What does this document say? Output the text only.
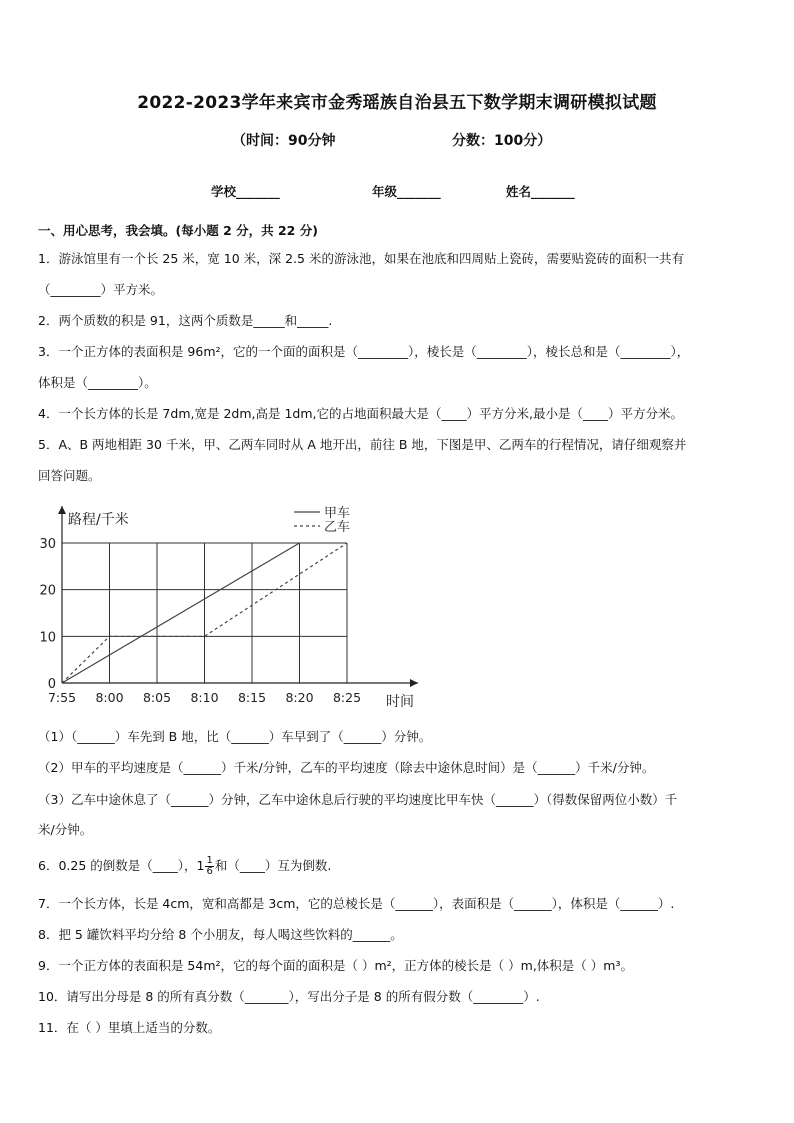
2022-2023学年来宾市金秀瑶族自治县五下数学期末调研模拟试题
（时间：90分钟	分数：100分）
学校_______	年级_______	姓名_______
一、用心思考，我会填。(每小题 2 分，共 22 分)
1．游泳馆里有一个长 25 米，宽 10 米，深 2.5 米的游泳池，如果在池底和四周贴上瓷砖，需要贴瓷砖的面积一共有
（________）平方米。
2．两个质数的积是 91，这两个质数是_____和_____.
3．一个正方体的表面积是 96m²，它的一个面的面积是（________），棱长是（________），棱长总和是（________），
体积是（________）。
4．一个长方体的长是 7dm,宽是 2dm,高是 1dm,它的占地面积最大是（____）平方分米,最小是（____）平方分米。
5．A、B 两地相距 30 千米，甲、乙两车同时从 A 地开出，前往 B 地，下图是甲、乙两车的行程情况，请仔细观察并
回答问题。
路程/千米
时间
0
10
20
30
7:55 8:00 8:05 8:10 8:15 8:20 8:25
甲车
乙车
（1）（______）车先到 B 地，比（______）车早到了（______）分钟。
（2）甲车的平均速度是（______）千米/分钟，乙车的平均速度（除去中途休息时间）是（______）千米/分钟。
（3）乙车中途休息了（______）分钟，乙车中途休息后行驶的平均速度比甲车快（______）（得数保留两位小数）千
米/分钟。
6．0.25 的倒数是（____），$1 \frac{1}{6}$ 和（____）互为倒数.
7．一个长方体，长是 4cm，宽和高都是 3cm，它的总棱长是（______），表面积是（______），体积是（______）.
8．把 5 罐饮料平均分给 8 个小朋友，每人喝这些饮料的______。
9．一个正方体的表面积是 54m²，它的每个面的面积是（ ）m²，正方体的棱长是（ ）m,体积是（ ）m³。
10．请写出分母是 8 的所有真分数（_______），写出分子是 8 的所有假分数（________）.
11．在（ ）里填上适当的分数。
